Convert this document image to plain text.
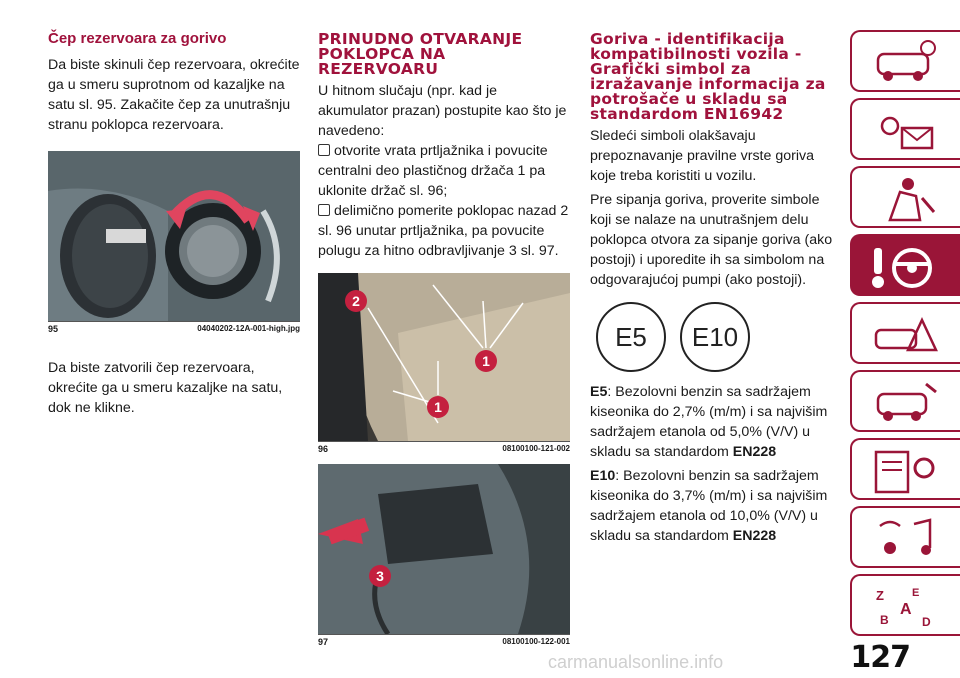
Čep rezervoara za gorivo

Da biste skinuli čep rezervoara, okrećite ga u smeru suprotnom od kazaljke na satu sl. 95. Zakačite čep za unutrašnju stranu poklopca rezervoara.

95	04040202-12A-001-high.jpg

Da biste zatvorili čep rezervoara, okrećite ga u smeru kazaljke na satu, dok ne klikne.

PRINUDNO OTVARANJE POKLOPCA NA REZERVOARU

U hitnom slučaju (npr. kad je akumulator prazan) postupite kao što je navedeno:

otvorite vrata prtljažnika i povucite centralni deo plastičnog držača 1 pa uklonite držač sl. 96;
delimično pomerite poklopac nazad 2 sl. 96 unutar prtljažnika, pa povucite polugu za hitno odbravljivanje 3 sl. 97.
2
1
1
96	08100100-121-002
3
97	08100100-122-001
Goriva - identifikacija kompatibilnosti vozila - Grafički simbol za izražavanje informacija za potrošače u skladu sa standardom EN16942

Sledeći simboli olakšavaju prepoznavanje pravilne vrste goriva koje treba koristiti u vozilu.

Pre sipanja goriva, proverite simbole koji se nalaze na unutrašnjem delu poklopca otvora za sipanje goriva (ako postoji) i uporedite ih sa simbolom na odgovarajućoj pumpi (ako postoji).

E5	E10

E5: Bezolovni benzin sa sadržajem kiseonika do 2,7% (m/m) i sa najvišim sadržajem etanola od 5,0% (V/V) u skladu sa standardom EN228

E10: Bezolovni benzin sa sadržajem kiseonika do 3,7% (m/m) i sa najvišim sadržajem etanola od 10,0% (V/V) u skladu sa standardom EN228

Z	E
A
B	D
127
carmanualsonline.info
